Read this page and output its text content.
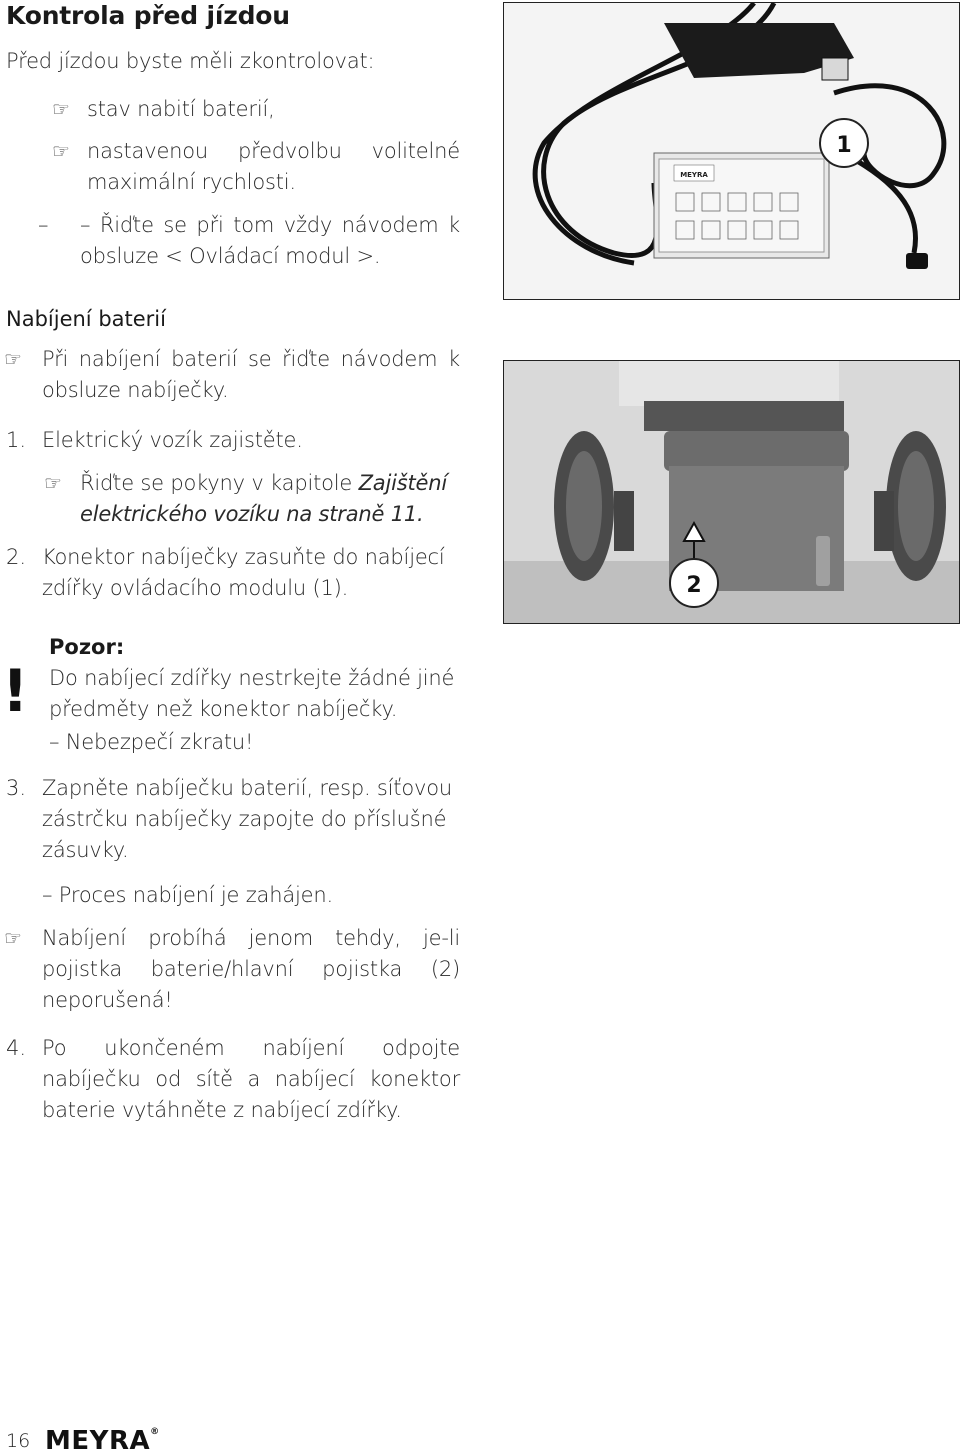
Kontrola před jízdou
Před jízdou byste měli zkontrolovat:
☞ stav nabití baterií,
☞ nastavenou předvolbu volitelné maximální rychlosti.
– – Řiďte se při tom vždy návodem k obsluze < Ovládací modul >.
Nabíjení baterií
☞ Při nabíjení baterií se řiďte návodem k obsluze nabíječky.
1. Elektrický vozík zajistěte.
☞ Řiďte se pokyny v kapitole Zajištění elektrického vozíku na straně 11.
2. Konektor nabíječky zasuňte do nabíjecí zdířky ovládacího modulu (1).
!
Pozor:
Do nabíjecí zdířky nestrkejte žádné jiné předměty než konektor nabíječky.
– Nebezpečí zkratu!
3. Zapněte nabíječku baterií, resp. síťovou zástrčku nabíječky zapojte do příslušné zásuvky.
– Proces nabíjení je zahájen.
☞ Nabíjení probíhá jenom tehdy, je-li pojistka baterie/hlavní pojistka (2) neporušená!
4. Po ukončeném nabíjení odpojte nabíječku od sítě a nabíjecí konektor baterie vytáhněte z nabíjecí zdířky.
MEYRA
1
2
16 MEYRA®
